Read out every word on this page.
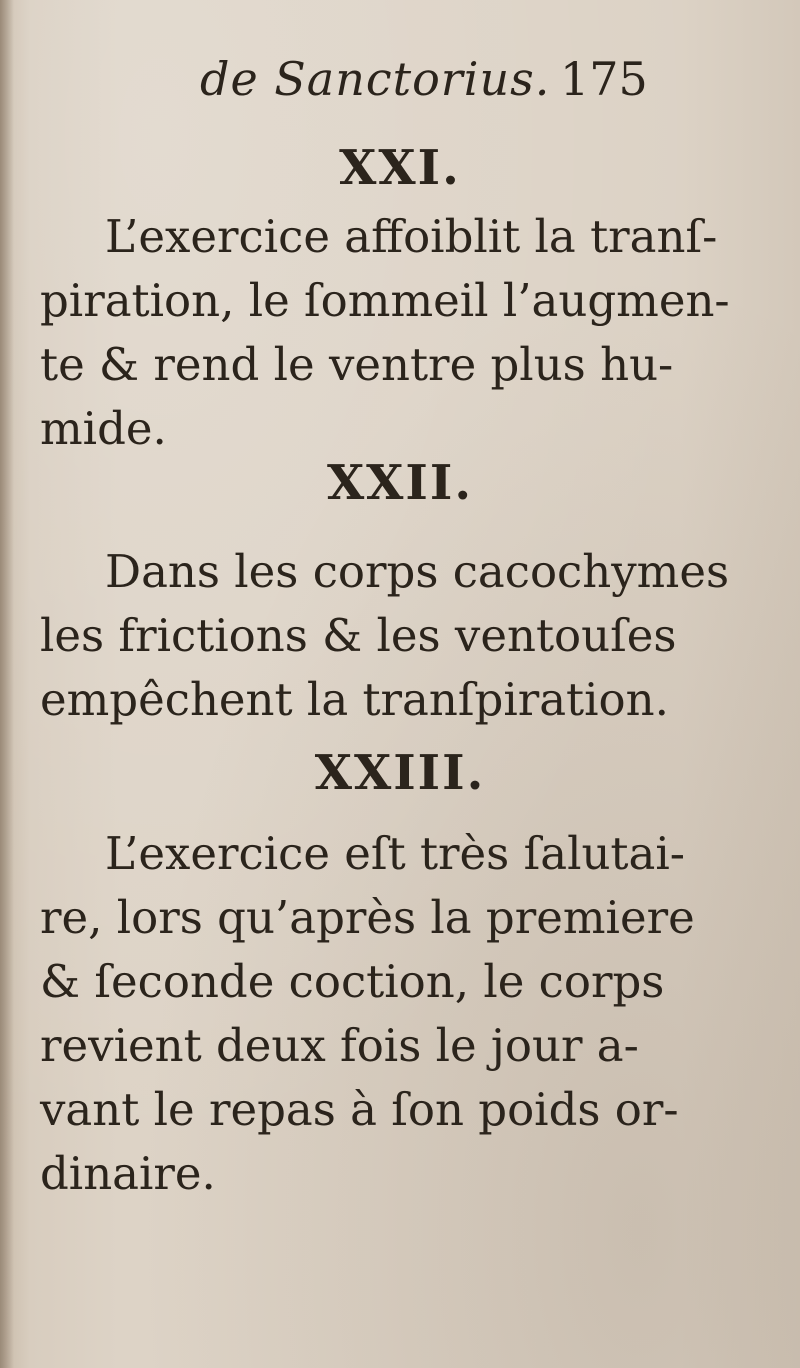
de Sanctorius. 175
XXI.
L’exercice affoiblit la tranſ-
piration, le ſommeil l’augmen-
te & rend le ventre plus hu-
mide.
XXII.
Dans les corps cacochymes
les frictions & les ventouſes
empêchent la tranſpiration.
XXIII.
L’exercice eſt très ſalutai-
re, lors qu’après la premiere
& ſeconde coction, le corps
revient deux fois le jour a-
vant le repas à ſon poids or-
dinaire.
